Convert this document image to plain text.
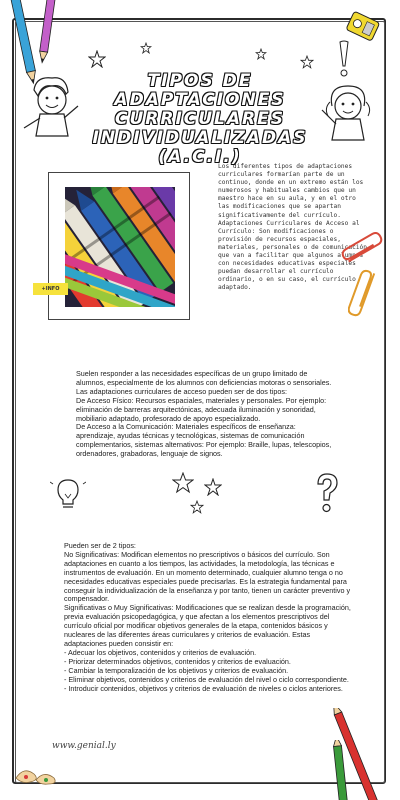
TIPOS DE ADAPTACIONES
CURRICULARES
INDIVIDUALIZADAS
(A.C.I.)
+INFO
Los diferentes tipos de adaptaciones curriculares formarían parte de un continuo, donde en un extremo están los numerosos y habituales cambios que un maestro hace en su aula, y en el otro las modificaciones que se apartan significativamente del currículo.
Adaptaciones Curriculares de Acceso al Currículo: Son modificaciones o provisión de recursos espaciales, materiales, personales o de comunicación que van a facilitar que algunos alumnos con necesidades educativas especiales puedan desarrollar el currículo ordinario, o en su caso, el currículo adaptado.
Suelen responder a las necesidades específicas de un grupo limitado de alumnos, especialmente de los alumnos con deficiencias motoras o sensoriales. Las adaptaciones curriculares de acceso pueden ser de dos tipos:
De Acceso Físico: Recursos espaciales, materiales y personales. Por ejemplo: eliminación de barreras arquitectónicas, adecuada iluminación y sonoridad, mobiliario adaptado, profesorado de apoyo especializado.
De Acceso a la Comunicación: Materiales específicos de enseñanza: aprendizaje, ayudas técnicas y tecnológicas, sistemas de comunicación complementarios, sistemas alternativos: Por ejemplo: Braille, lupas, telescopios, ordenadores, grabadoras, lenguaje de signos.
Pueden ser de 2 tipos:
No Significativas: Modifican elementos no prescriptivos o básicos del currículo. Son adaptaciones en cuanto a los tiempos, las actividades, la metodología, las técnicas e instrumentos de evaluación. En un momento determinado, cualquier alumno tenga o no necesidades educativas especiales puede precisarlas. Es la estrategia fundamental para conseguir la individualización de la enseñanza y por tanto, tienen un carácter preventivo y compensador.
Significativas o Muy Significativas: Modificaciones que se realizan desde la programación, previa evaluación psicopedagógica, y que afectan a los elementos prescriptivos del currículo oficial por modificar objetivos generales de la etapa, contenidos básicos y nucleares de las diferentes áreas curriculares y criterios de evaluación. Estas adaptaciones pueden consistir en:
- Adecuar los objetivos, contenidos y criterios de evaluación.
- Priorizar determinados objetivos, contenidos y criterios de evaluación.
- Cambiar la temporalización de los objetivos y criterios de evaluación.
- Eliminar objetivos, contenidos y criterios de evaluación del nivel o ciclo correspondiente.
- Introducir contenidos, objetivos y criterios de evaluación de niveles o ciclos anteriores.
www.genial.ly
